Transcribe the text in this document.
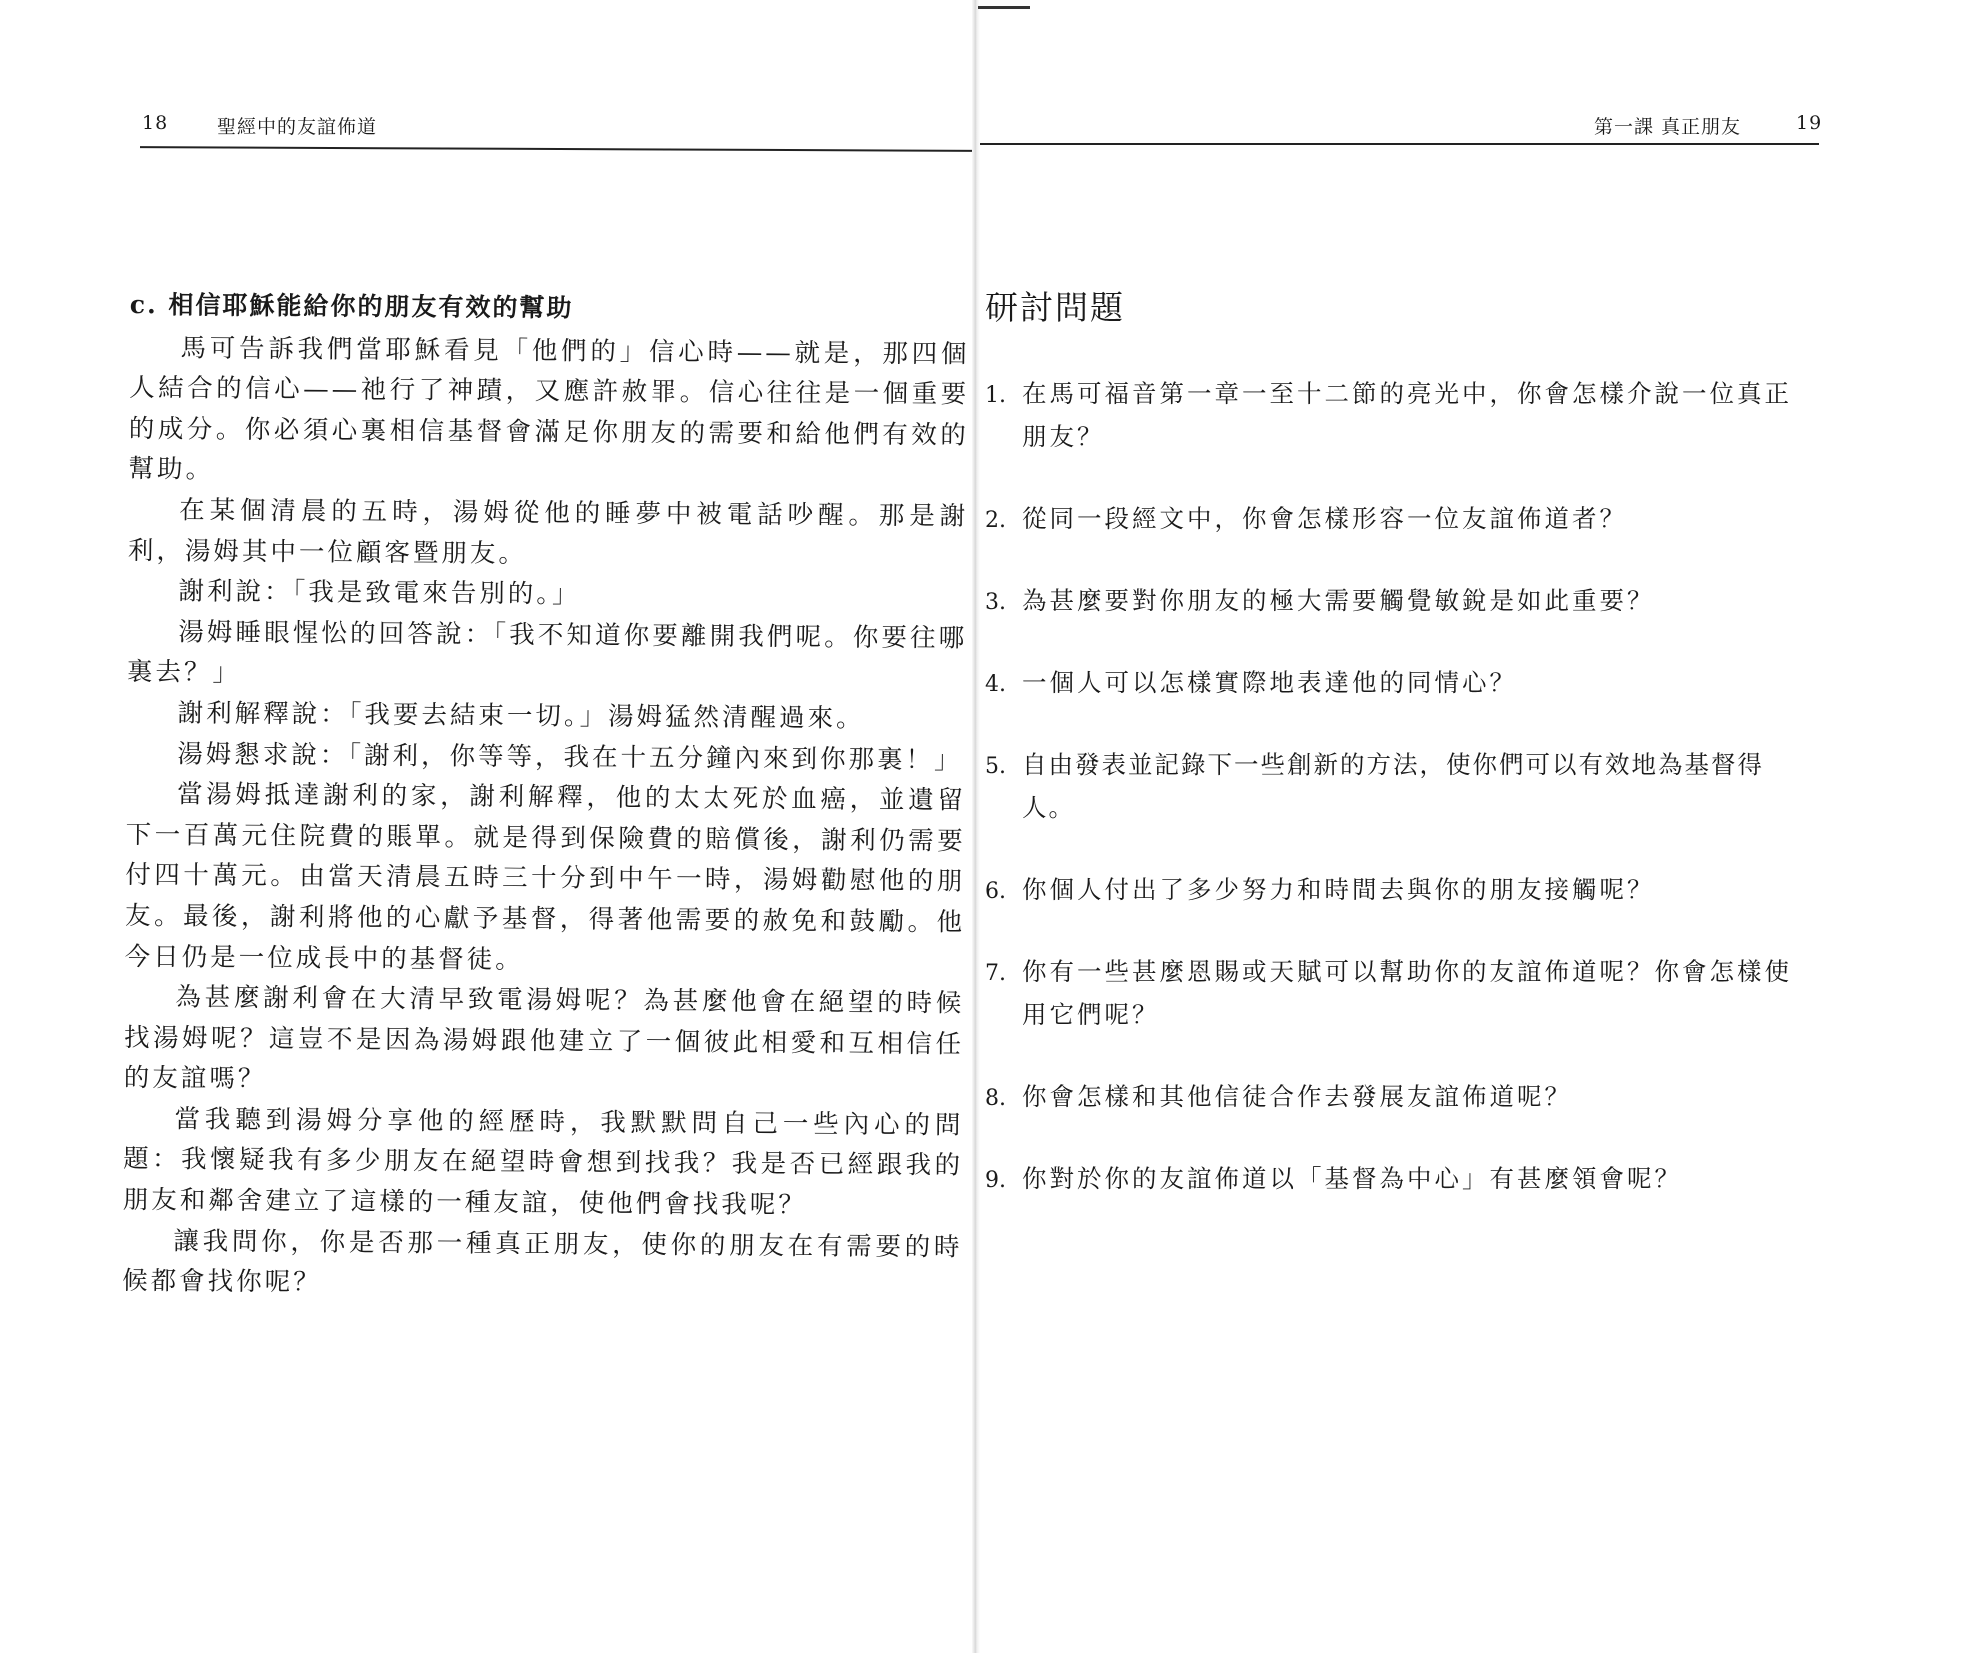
18	聖經中的友誼佈道

c. 相信耶穌能給你的朋友有效的幫助

馬可告訴我們當耶穌看見「他們的」信心時——就是，那四個人結合的信心——祂行了神蹟，又應許赦罪。信心往往是一個重要的成分。你必須心裏相信基督會滿足你朋友的需要和給他們有效的幫助。

在某個清晨的五時，湯姆從他的睡夢中被電話吵醒。那是謝利，湯姆其中一位顧客暨朋友。

謝利說：「我是致電來告別的。」

湯姆睡眼惺忪的回答說：「我不知道你要離開我們呢。你要往哪裏去？」

謝利解釋說：「我要去結束一切。」湯姆猛然清醒過來。

湯姆懇求說：「謝利，你等等，我在十五分鐘內來到你那裏！」

當湯姆抵達謝利的家，謝利解釋，他的太太死於血癌，並遺留下一百萬元住院費的賬單。就是得到保險費的賠償後，謝利仍需要付四十萬元。由當天清晨五時三十分到中午一時，湯姆勸慰他的朋友。最後，謝利將他的心獻予基督，得著他需要的赦免和鼓勵。他今日仍是一位成長中的基督徒。

為甚麼謝利會在大清早致電湯姆呢？為甚麼他會在絕望的時候找湯姆呢？這豈不是因為湯姆跟他建立了一個彼此相愛和互相信任的友誼嗎？

當我聽到湯姆分享他的經歷時，我默默問自己一些內心的問題：我懷疑我有多少朋友在絕望時會想到找我？我是否已經跟我的朋友和鄰舍建立了這樣的一種友誼，使他們會找我呢？

讓我問你，你是否那一種真正朋友，使你的朋友在有需要的時候都會找你呢？

第一課 真正朋友	19
研討問題
1. 在馬可福音第一章一至十二節的亮光中，你會怎樣介說一位真正朋友？
2. 從同一段經文中，你會怎樣形容一位友誼佈道者？
3. 為甚麼要對你朋友的極大需要觸覺敏銳是如此重要？
4. 一個人可以怎樣實際地表達他的同情心？
5. 自由發表並記錄下一些創新的方法，使你們可以有效地為基督得人。
6. 你個人付出了多少努力和時間去與你的朋友接觸呢？
7. 你有一些甚麼恩賜或天賦可以幫助你的友誼佈道呢？你會怎樣使用它們呢？
8. 你會怎樣和其他信徒合作去發展友誼佈道呢？
9. 你對於你的友誼佈道以「基督為中心」有甚麼領會呢？
